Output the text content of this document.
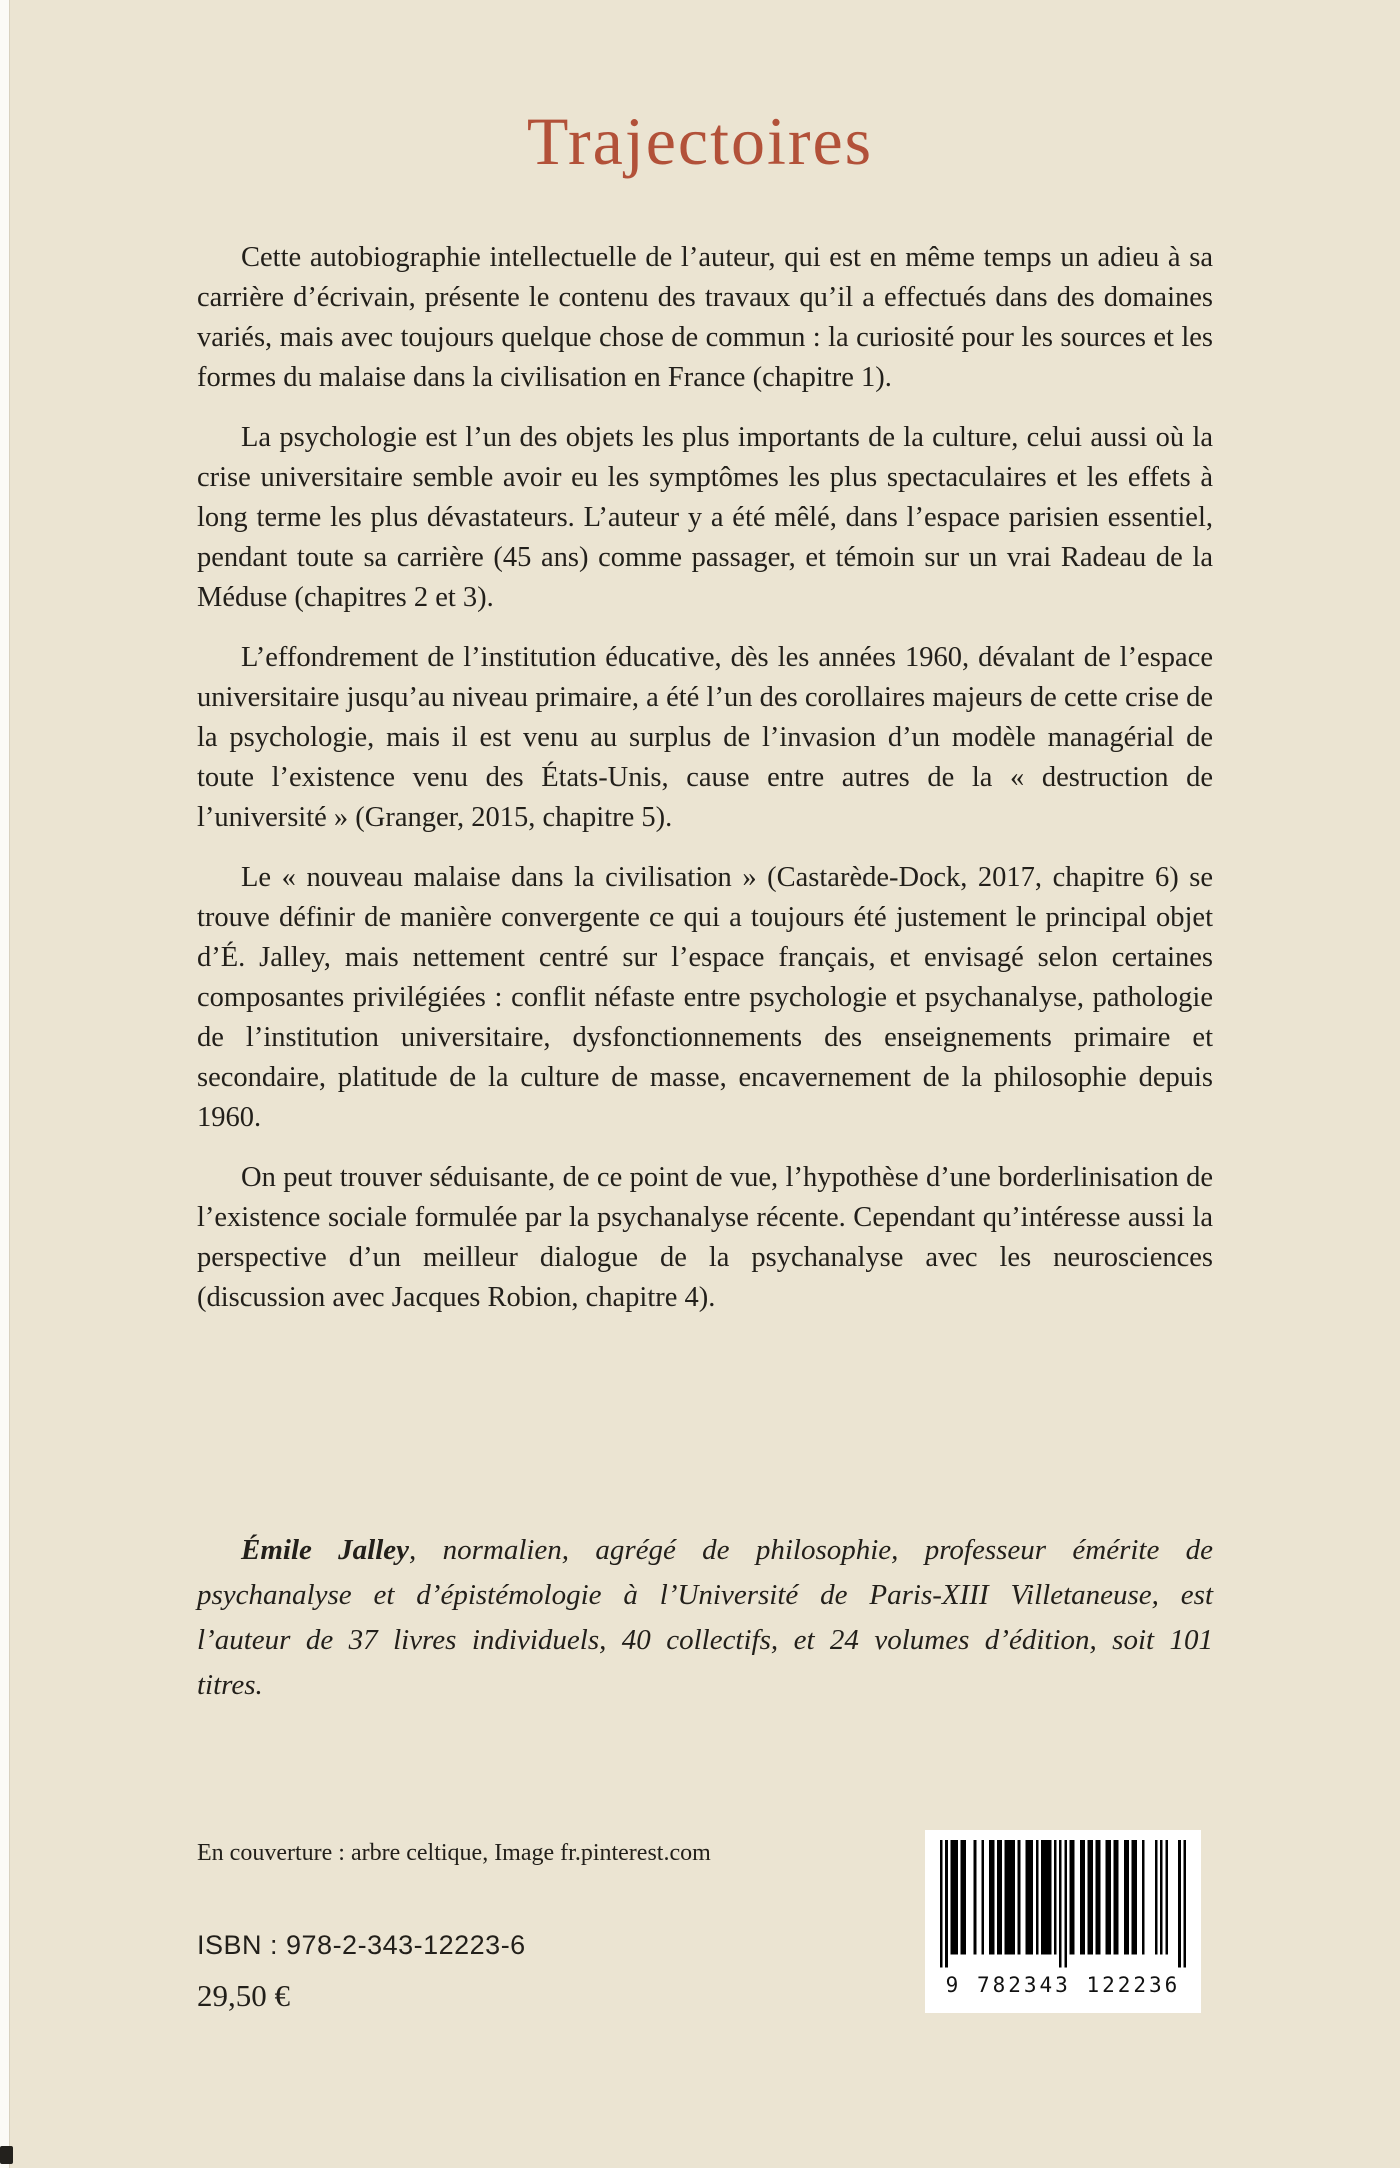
Trajectoires

Cette autobiographie intellectuelle de l’auteur, qui est en même temps un adieu à sa carrière d’écrivain, présente le contenu des travaux qu’il a effectués dans des domaines variés, mais avec toujours quelque chose de commun : la curiosité pour les sources et les formes du malaise dans la civilisation en France (chapitre 1).

La psychologie est l’un des objets les plus importants de la culture, celui aussi où la crise universitaire semble avoir eu les symptômes les plus spectaculaires et les effets à long terme les plus dévastateurs. L’auteur y a été mêlé, dans l’espace parisien essentiel, pendant toute sa carrière (45 ans) comme passager, et témoin sur un vrai Radeau de la Méduse (chapitres 2 et 3).

L’effondrement de l’institution éducative, dès les années 1960, dévalant de l’espace universitaire jusqu’au niveau primaire, a été l’un des corollaires majeurs de cette crise de la psychologie, mais il est venu au surplus de l’invasion d’un modèle managérial de toute l’existence venu des États-Unis, cause entre autres de la « destruction de l’université » (Granger, 2015, chapitre 5).

Le « nouveau malaise dans la civilisation » (Castarède-Dock, 2017, chapitre 6) se trouve définir de manière convergente ce qui a toujours été justement le principal objet d’É. Jalley, mais nettement centré sur l’espace français, et envisagé selon certaines composantes privilégiées : conflit néfaste entre psychologie et psychanalyse, pathologie de l’institution universitaire, dysfonctionnements des enseignements primaire et secondaire, platitude de la culture de masse, encavernement de la philosophie depuis 1960.

On peut trouver séduisante, de ce point de vue, l’hypothèse d’une borderlinisation de l’existence sociale formulée par la psychanalyse récente. Cependant qu’intéresse aussi la perspective d’un meilleur dialogue de la psychanalyse avec les neurosciences (discussion avec Jacques Robion, chapitre 4).

Émile Jalley, normalien, agrégé de philosophie, professeur émérite de psychanalyse et d’épistémologie à l’Université de Paris-XIII Villetaneuse, est l’auteur de 37 livres individuels, 40 collectifs, et 24 volumes d’édition, soit 101 titres.

En couverture : arbre celtique, Image fr.pinterest.com

ISBN : 978-2-343-12223-6

29,50 €	9 782343 122236
